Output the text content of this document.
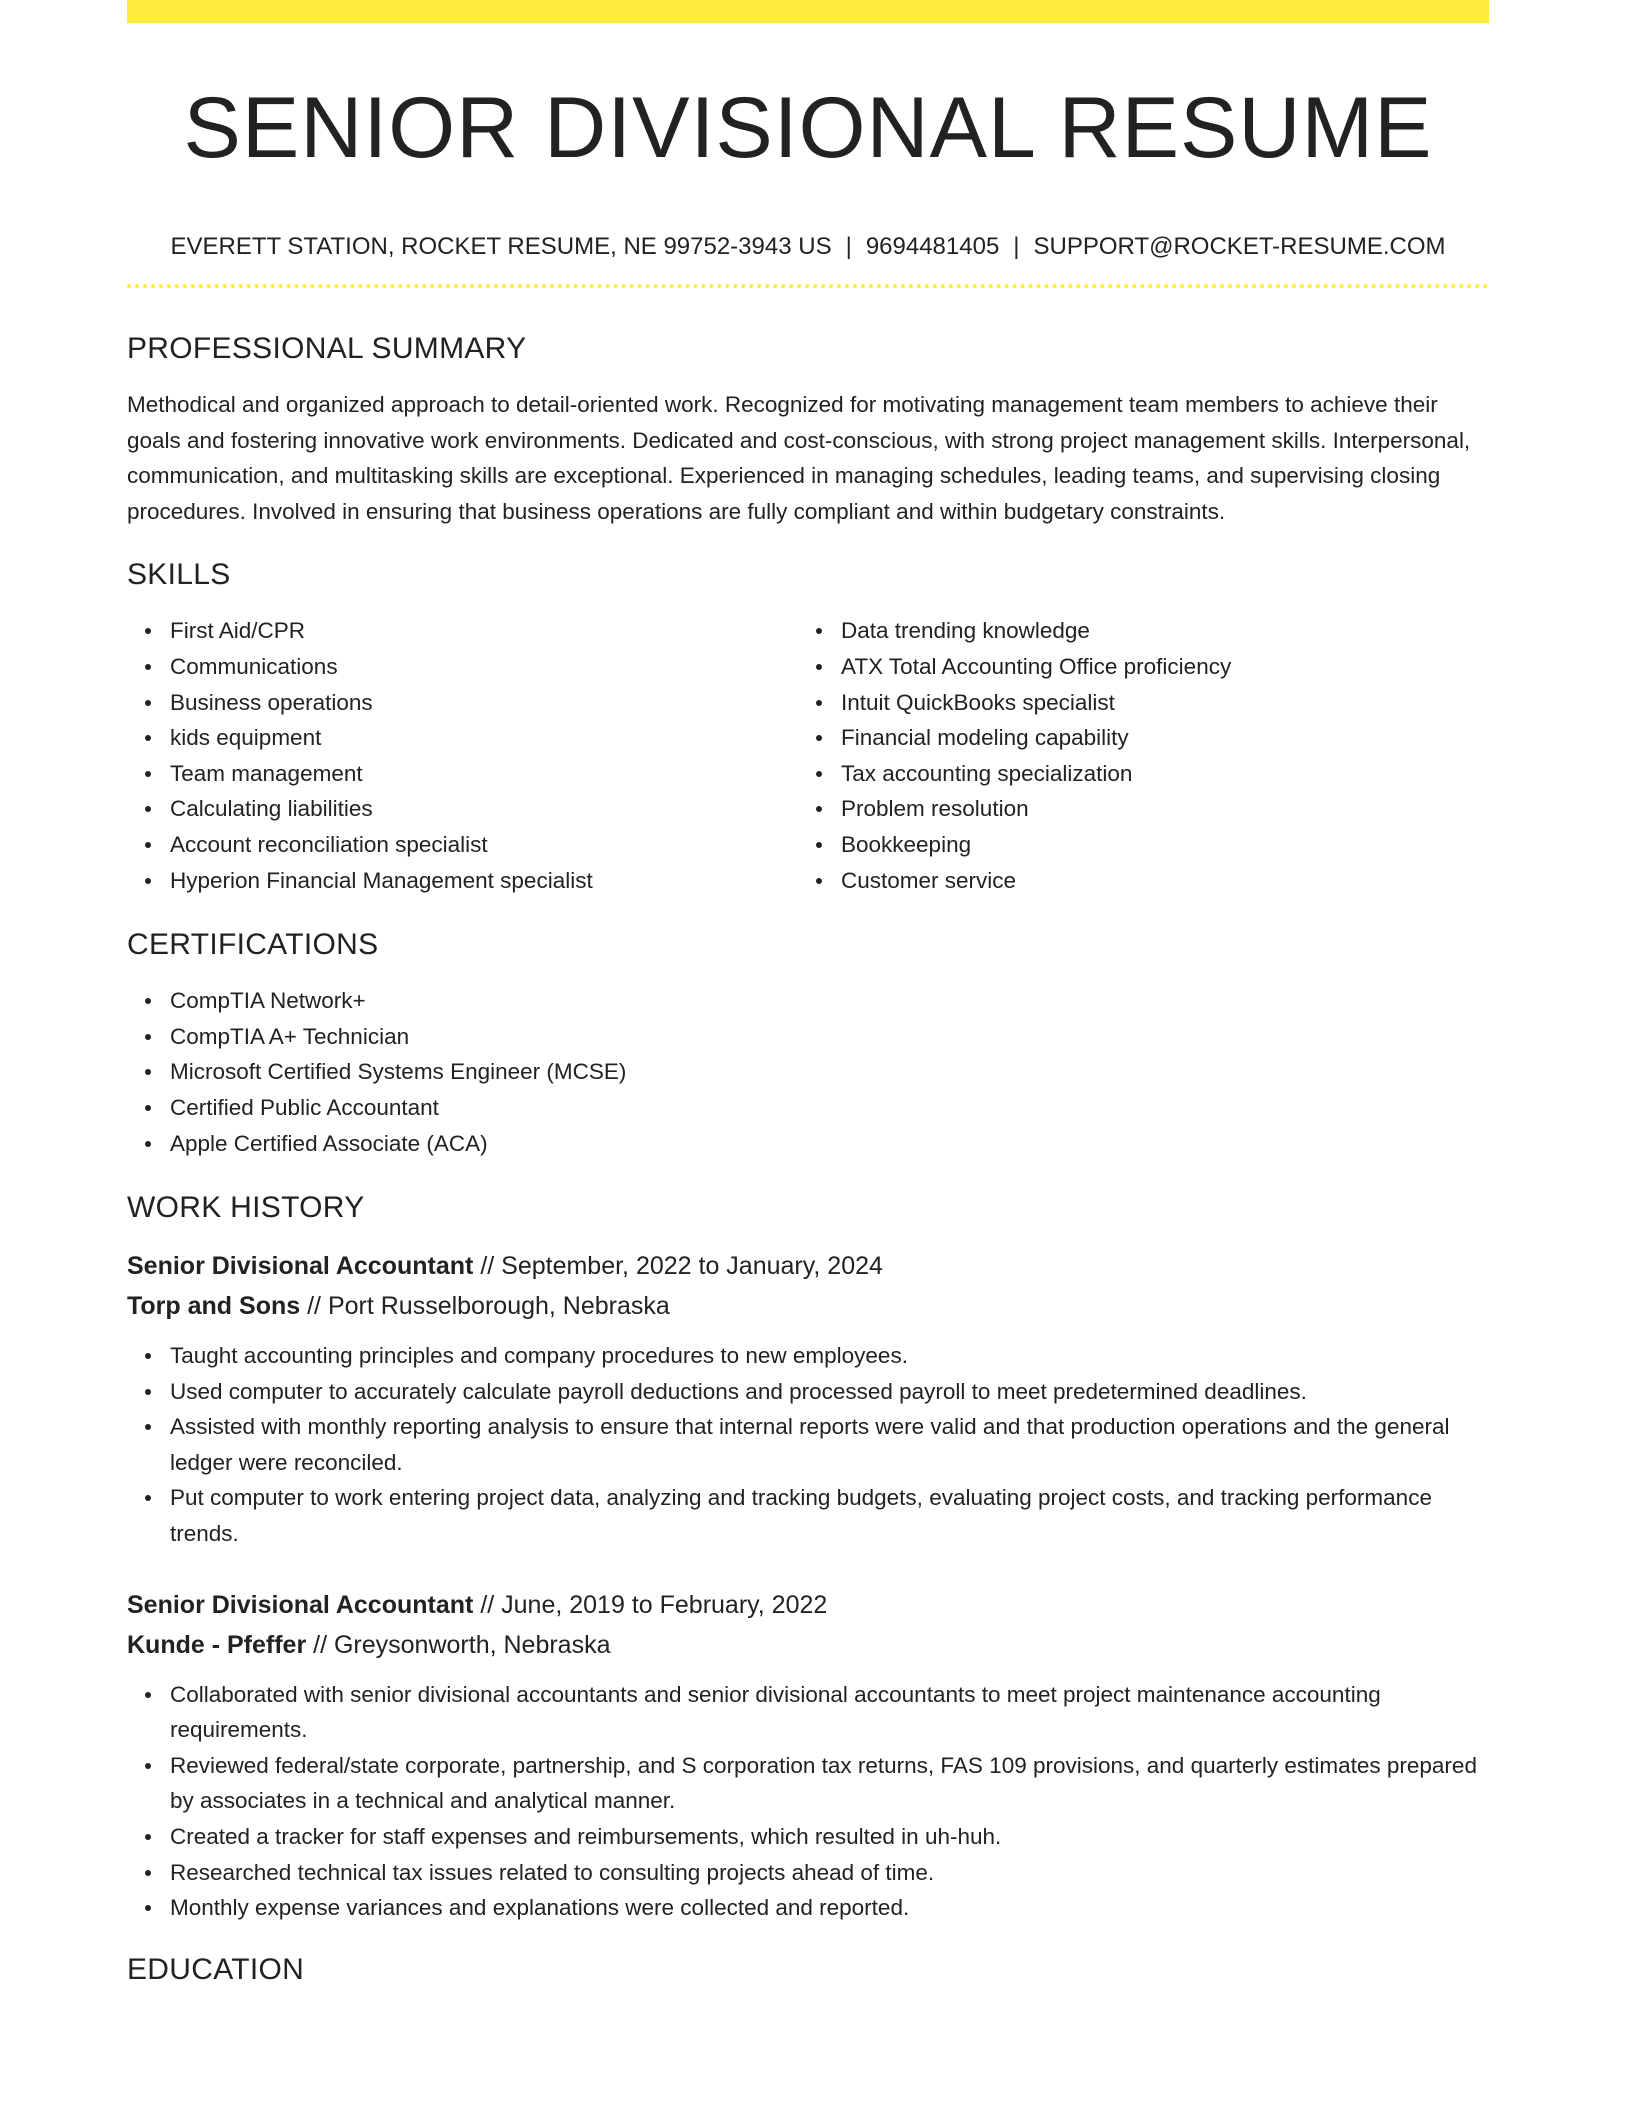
SENIOR DIVISIONAL RESUME
EVERETT STATION, ROCKET RESUME, NE 99752-3943 US | 9694481405 | SUPPORT@ROCKET-RESUME.COM
PROFESSIONAL SUMMARY

Methodical and organized approach to detail-oriented work. Recognized for motivating management team members to achieve their goals and fostering innovative work environments. Dedicated and cost-conscious, with strong project management skills. Interpersonal, communication, and multitasking skills are exceptional. Experienced in managing schedules, leading teams, and supervising closing procedures. Involved in ensuring that business operations are fully compliant and within budgetary constraints.

SKILLS
First Aid/CPR
Communications
Business operations
kids equipment
Team management
Calculating liabilities
Account reconciliation specialist
Hyperion Financial Management specialist
Data trending knowledge
ATX Total Accounting Office proficiency
Intuit QuickBooks specialist
Financial modeling capability
Tax accounting specialization
Problem resolution
Bookkeeping
Customer service
CERTIFICATIONS
CompTIA Network+
CompTIA A+ Technician
Microsoft Certified Systems Engineer (MCSE)
Certified Public Accountant
Apple Certified Associate (ACA)
WORK HISTORY
Senior Divisional Accountant // September, 2022 to January, 2024
Torp and Sons // Port Russelborough, Nebraska
Taught accounting principles and company procedures to new employees.
Used computer to accurately calculate payroll deductions and processed payroll to meet predetermined deadlines.
Assisted with monthly reporting analysis to ensure that internal reports were valid and that production operations and the general ledger were reconciled.
Put computer to work entering project data, analyzing and tracking budgets, evaluating project costs, and tracking performance trends.
Senior Divisional Accountant // June, 2019 to February, 2022
Kunde - Pfeffer // Greysonworth, Nebraska
Collaborated with senior divisional accountants and senior divisional accountants to meet project maintenance accounting requirements.
Reviewed federal/state corporate, partnership, and S corporation tax returns, FAS 109 provisions, and quarterly estimates prepared by associates in a technical and analytical manner.
Created a tracker for staff expenses and reimbursements, which resulted in uh-huh.
Researched technical tax issues related to consulting projects ahead of time.
Monthly expense variances and explanations were collected and reported.
EDUCATION
